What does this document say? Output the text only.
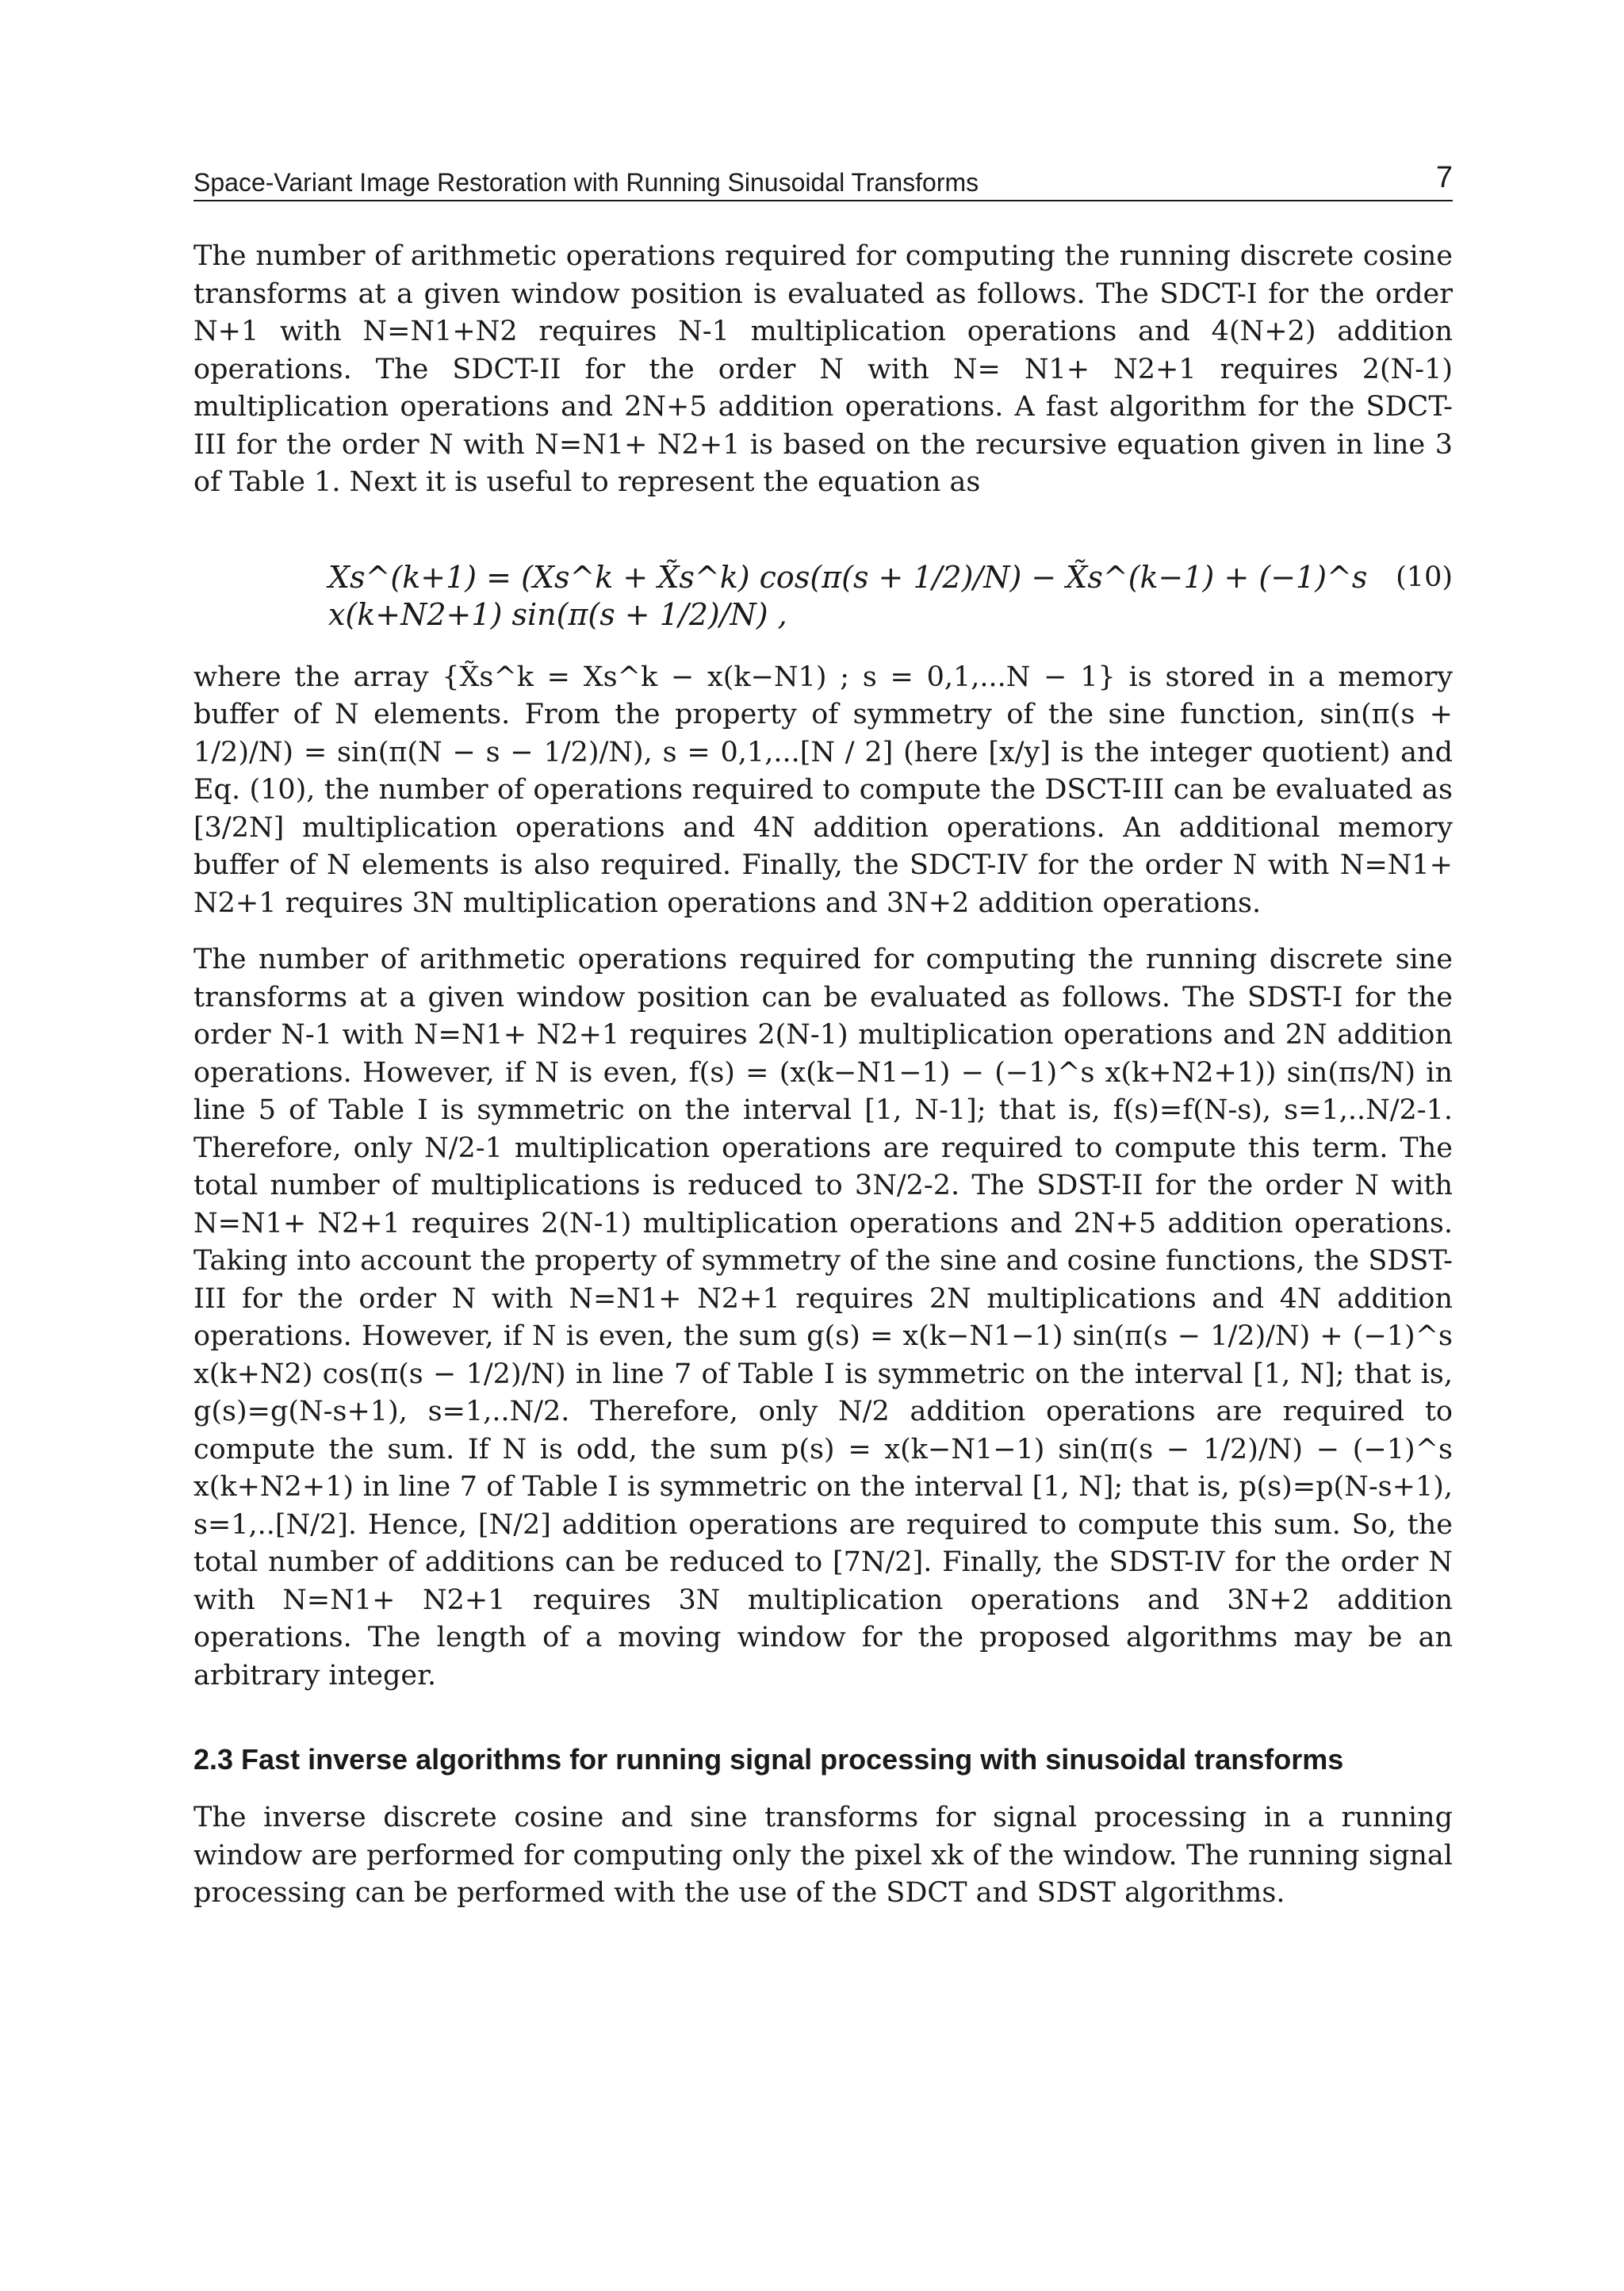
Space-Variant Image Restoration with Running Sinusoidal Transforms	7

The number of arithmetic operations required for computing the running discrete cosine transforms at a given window position is evaluated as follows. The SDCT-I for the order N+1 with N=N1+N2 requires N-1 multiplication operations and 4(N+2) addition operations. The SDCT-II for the order N with N= N1+ N2+1 requires 2(N-1) multiplication operations and 2N+5 addition operations. A fast algorithm for the SDCT-III for the order N with N=N1+ N2+1 is based on the recursive equation given in line 3 of Table 1. Next it is useful to represent the equation as

Xs^(k+1) = (Xs^k + X̃s^k) cos(π(s + 1/2)/N) − X̃s^(k−1) + (−1)^s x(k+N2+1) sin(π(s + 1/2)/N) ,
(10)

where the array {X̃s^k = Xs^k − x(k−N1) ; s = 0,1,...N − 1} is stored in a memory buffer of N elements. From the property of symmetry of the sine function, sin(π(s + 1/2)/N) = sin(π(N − s − 1/2)/N), s = 0,1,...[N / 2] (here [x/y] is the integer quotient) and Eq. (10), the number of operations required to compute the DSCT-III can be evaluated as [3/2N] multiplication operations and 4N addition operations. An additional memory buffer of N elements is also required. Finally, the SDCT-IV for the order N with N=N1+ N2+1 requires 3N multiplication operations and 3N+2 addition operations.

The number of arithmetic operations required for computing the running discrete sine transforms at a given window position can be evaluated as follows. The SDST-I for the order N-1 with N=N1+ N2+1 requires 2(N-1) multiplication operations and 2N addition operations. However, if N is even, f(s) = (x(k−N1−1) − (−1)^s x(k+N2+1)) sin(πs/N) in line 5 of Table I is symmetric on the interval [1, N-1]; that is, f(s)=f(N-s), s=1,..N/2-1. Therefore, only N/2-1 multiplication operations are required to compute this term. The total number of multiplications is reduced to 3N/2-2. The SDST-II for the order N with N=N1+ N2+1 requires 2(N-1) multiplication operations and 2N+5 addition operations. Taking into account the property of symmetry of the sine and cosine functions, the SDST-III for the order N with N=N1+ N2+1 requires 2N multiplications and 4N addition operations. However, if N is even, the sum g(s) = x(k−N1−1) sin(π(s − 1/2)/N) + (−1)^s x(k+N2) cos(π(s − 1/2)/N) in line 7 of Table I is symmetric on the interval [1, N]; that is, g(s)=g(N-s+1), s=1,..N/2. Therefore, only N/2 addition operations are required to compute the sum. If N is odd, the sum p(s) = x(k−N1−1) sin(π(s − 1/2)/N) − (−1)^s x(k+N2+1) in line 7 of Table I is symmetric on the interval [1, N]; that is, p(s)=p(N-s+1), s=1,..[N/2]. Hence, [N/2] addition operations are required to compute this sum. So, the total number of additions can be reduced to [7N/2]. Finally, the SDST-IV for the order N with N=N1+ N2+1 requires 3N multiplication operations and 3N+2 addition operations. The length of a moving window for the proposed algorithms may be an arbitrary integer.

2.3 Fast inverse algorithms for running signal processing with sinusoidal transforms

The inverse discrete cosine and sine transforms for signal processing in a running window are performed for computing only the pixel xk of the window. The running signal processing can be performed with the use of the SDCT and SDST algorithms.
